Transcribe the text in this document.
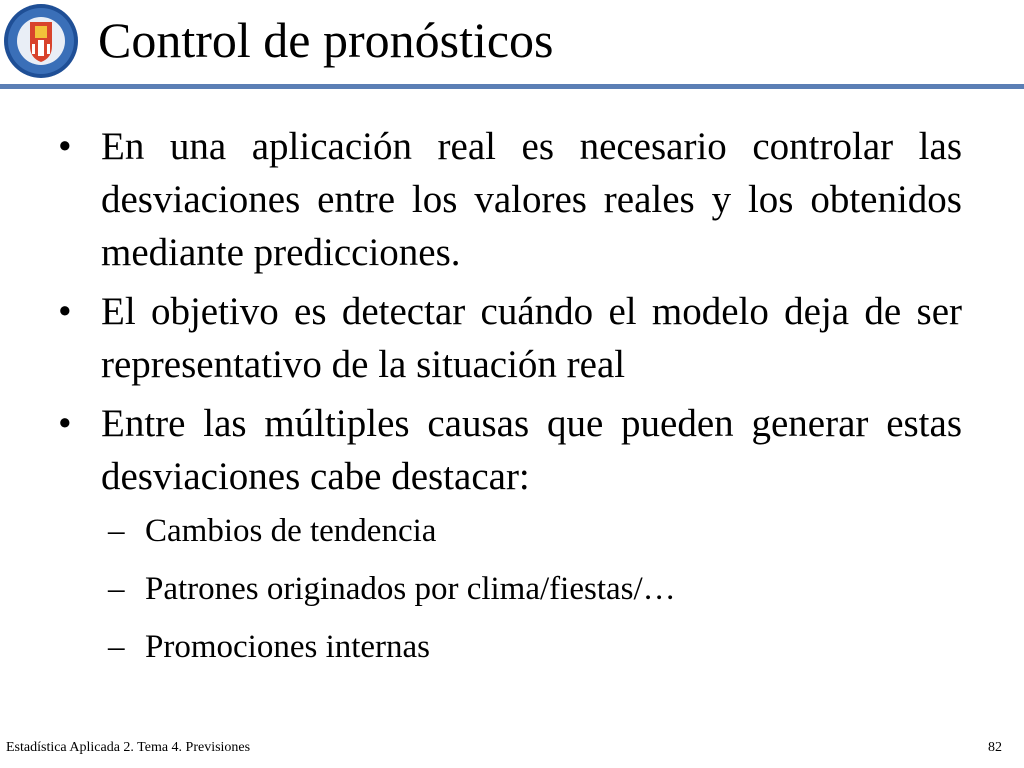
Control de pronósticos
• En una aplicación real es necesario controlar las desviaciones entre los valores reales y los obtenidos mediante predicciones.
• El objetivo es detectar cuándo el modelo deja de ser representativo de la situación real
• Entre las múltiples causas que pueden generar estas desviaciones cabe destacar:
– Cambios de tendencia
– Patrones originados por clima/fiestas/…
– Promociones internas
Estadística Aplicada 2. Tema 4. Previsiones	82
